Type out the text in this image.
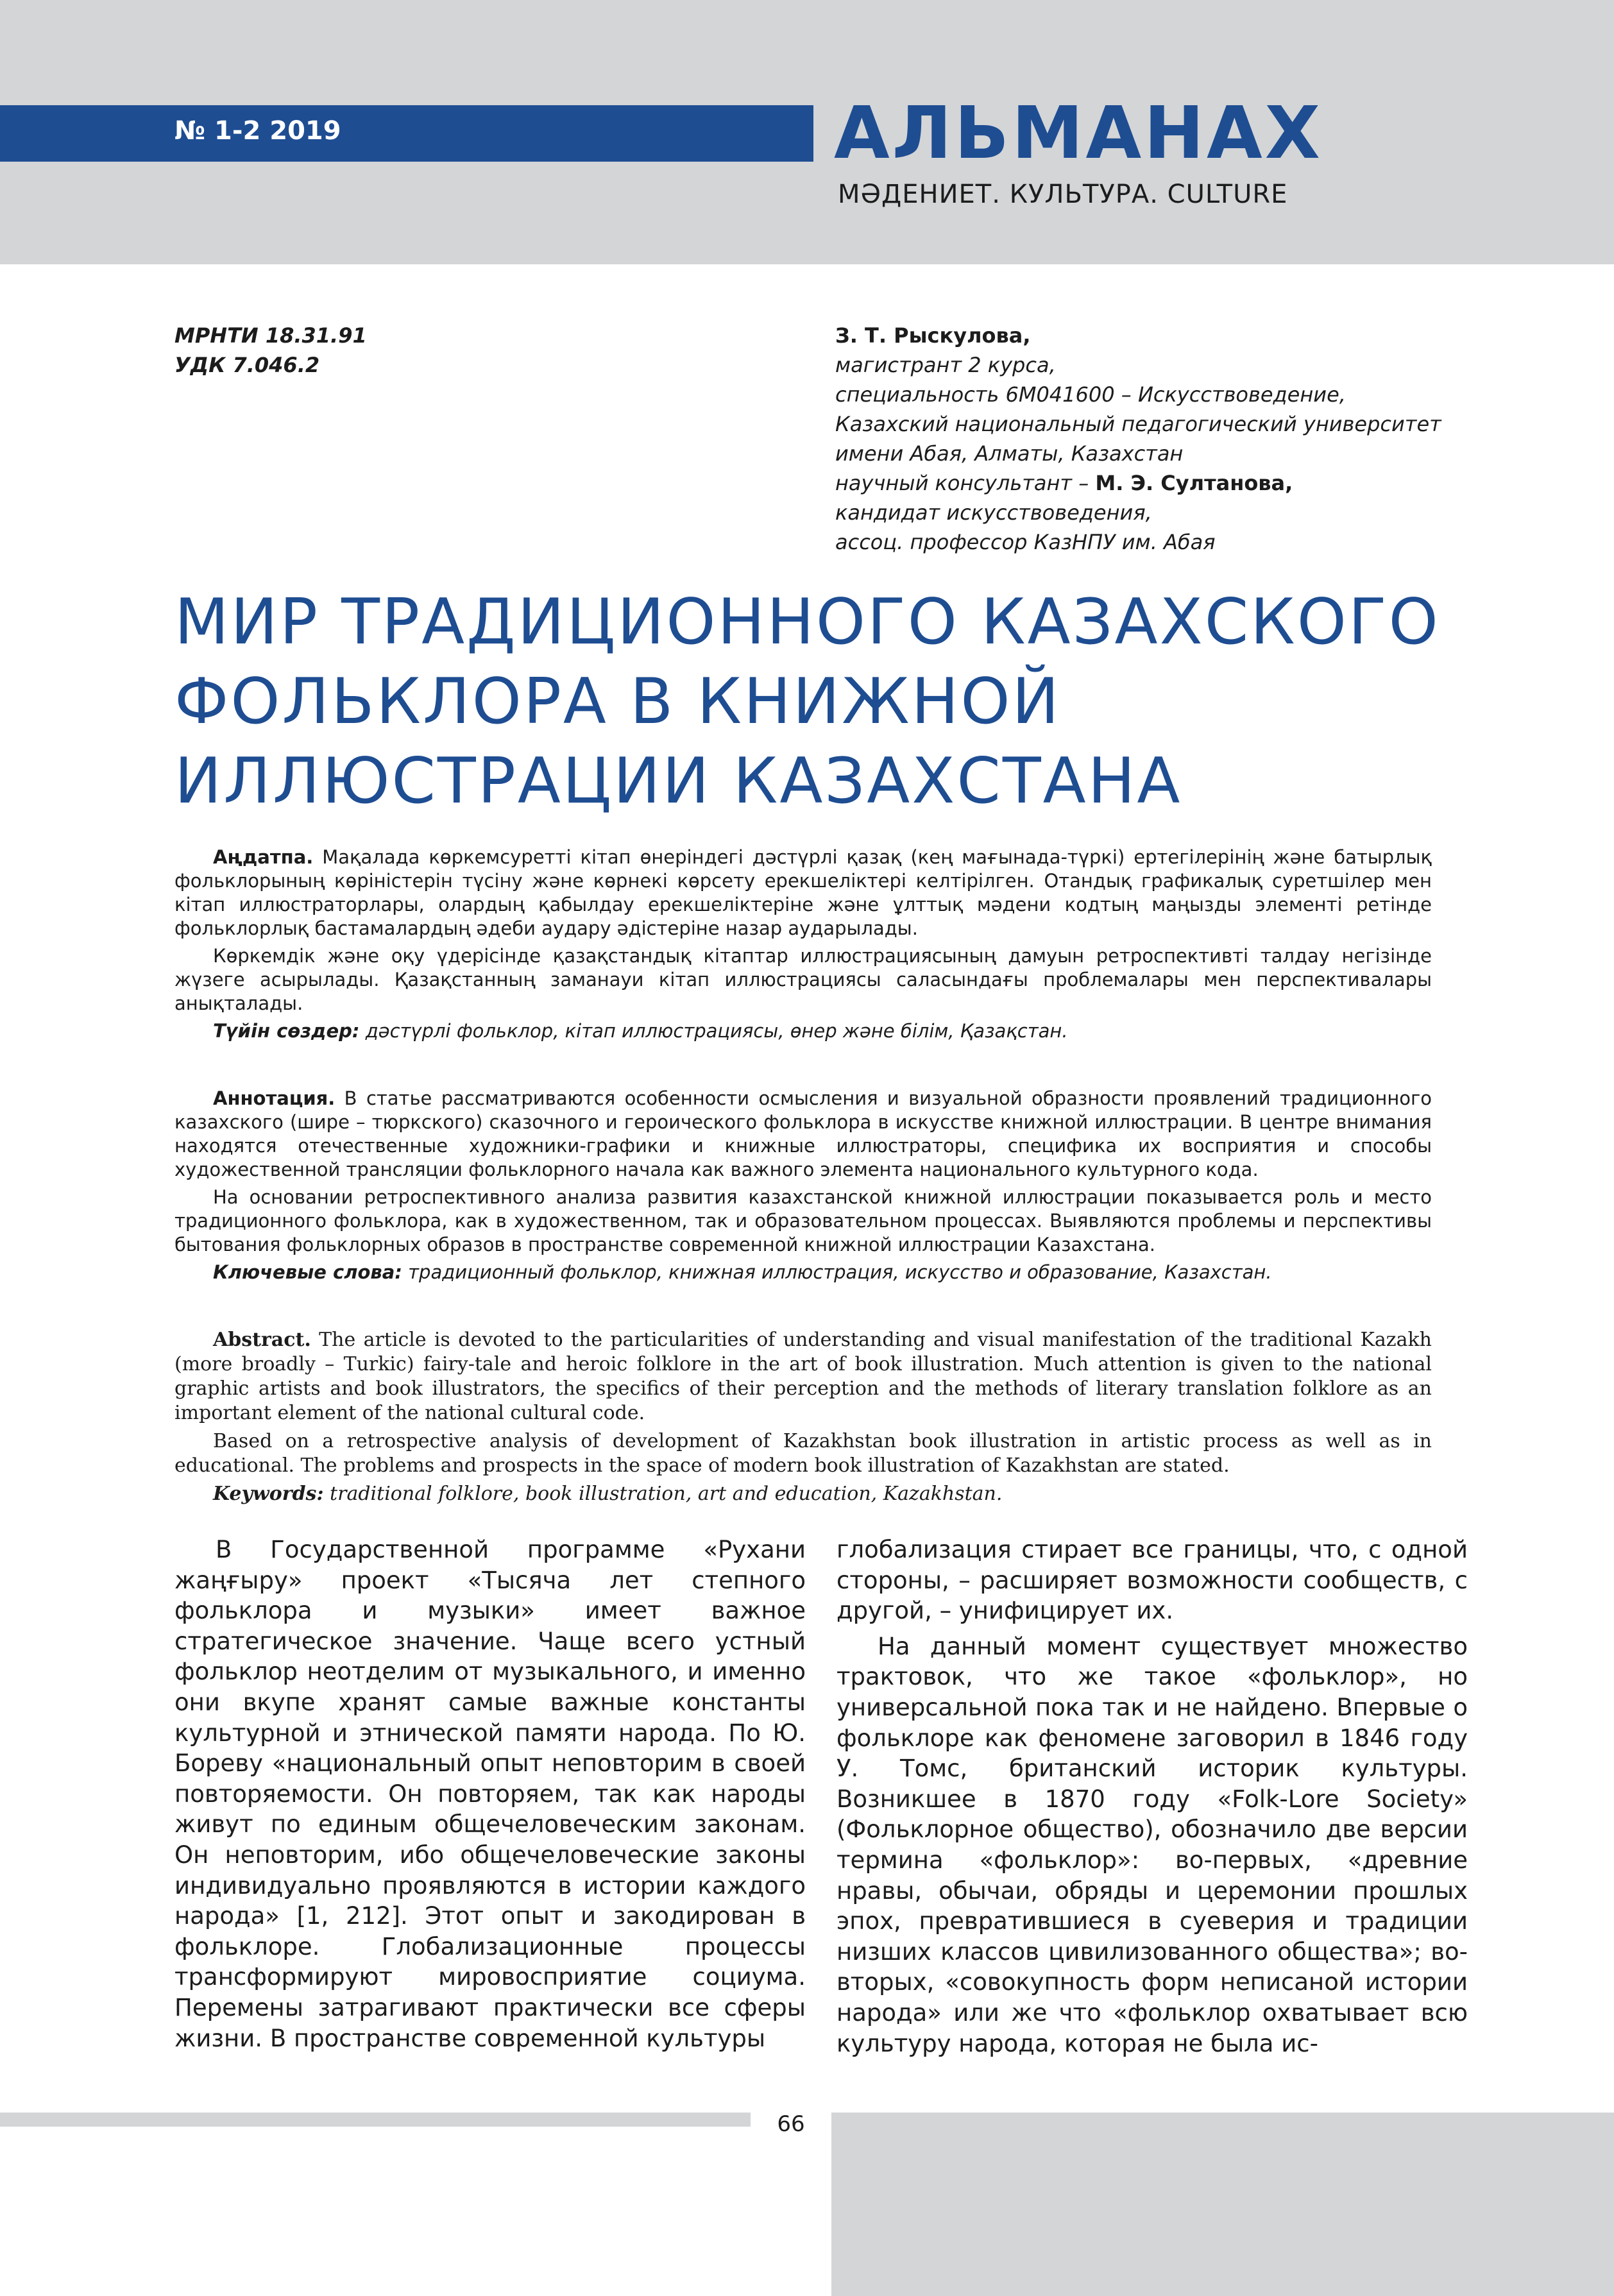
№ 1-2 2019	АЛЬМАНАХ
МӘДЕНИЕТ. КУЛЬТУРА. CULTURE
МРНТИ 18.31.91
УДК 7.046.2
З. Т. Рыскулова,
магистрант 2 курса,
специальность 6М041600 – Искусствоведение,
Казахский национальный педагогический университет
имени Абая, Алматы, Казахстан
научный консультант – М. Э. Султанова,
кандидат искусствоведения,
ассоц. профессор КазНПУ им. Абая
МИР ТРАДИЦИОННОГО КАЗАХСКОГО
ФОЛЬКЛОРА В КНИЖНОЙ
ИЛЛЮСТРАЦИИ КАЗАХСТАНА

Аңдатпа. Мақалада көркемсуретті кітап өнеріндегі дәстүрлі қазақ (кең мағынада-түркі) ертегілерінің және батырлық фольклорының көріністерін түсіну және көрнекі көрсету ерекшеліктері келтірілген. Отандық графикалық суретшілер мен кітап иллюстраторлары, олардың қабылдау ерекшеліктеріне және ұлттық мәдени кодтың маңызды элементі ретінде фольклорлық бастамалардың әдеби аудару әдістеріне назар аударылады.

Көркемдік және оқу үдерісінде қазақстандық кітаптар иллюстрациясының дамуын ретроспективті талдау негізінде жүзеге асырылады. Қазақстанның заманауи кітап иллюстрациясы саласындағы проблемалары мен перспективалары анықталады.

Түйін сөздер: дәстүрлі фольклор, кітап иллюстрациясы, өнер және білім, Қазақстан.

Аннотация. В статье рассматриваются особенности осмысления и визуальной образности проявлений традиционного казахского (шире – тюркского) сказочного и героического фольклора в искусстве книжной иллюстрации. В центре внимания находятся отечественные художники-графики и книжные иллюстраторы, специфика их восприятия и способы художественной трансляции фольклорного начала как важного элемента национального культурного кода.

На основании ретроспективного анализа развития казахстанской книжной иллюстрации показывается роль и место традиционного фольклора, как в художественном, так и образовательном процессах. Выявляются проблемы и перспективы бытования фольклорных образов в пространстве современной книжной иллюстрации Казахстана.

Ключевые слова: традиционный фольклор, книжная иллюстрация, искусство и образование, Казахстан.

Abstract. The article is devoted to the particularities of understanding and visual manifestation of the traditional Kazakh (more broadly – Turkic) fairy-tale and heroic folklore in the art of book illustration. Much attention is given to the national graphic artists and book illustrators, the specifics of their perception and the methods of literary translation folklore as an important element of the national cultural code.

Based on a retrospective analysis of development of Kazakhstan book illustration in artistic process as well as in educational. The problems and prospects in the space of modern book illustration of Kazakhstan are stated.

Keywords: traditional folklore, book illustration, art and education, Kazakhstan.

В Государственной программе «Рухани жаңғыру» проект «Тысяча лет степного фольклора и музыки» имеет важное стратегическое значение. Чаще всего устный фольклор неотделим от музыкального, и именно они вкупе хранят самые важные константы культурной и этнической памяти народа. По Ю. Бореву «национальный опыт неповторим в своей повторяемости. Он повторяем, так как народы живут по единым общечеловеческим законам. Он неповторим, ибо общечеловеческие законы индивидуально проявляются в истории каждого народа» [1, 212]. Этот опыт и закодирован в фольклоре. Глобализационные процессы трансформируют мировосприятие социума. Перемены затрагивают практически все сферы жизни. В пространстве современной культуры

глобализация стирает все границы, что, с одной стороны, – расширяет возможности сообществ, с другой, – унифицирует их.

На данный момент существует множество трактовок, что же такое «фольклор», но универсальной пока так и не найдено. Впервые о фольклоре как феномене заговорил в 1846 году У. Томс, британский историк культуры. Возникшее в 1870 году «Folk-Lore Society» (Фольклорное общество), обозначило две версии термина «фольклор»: во-первых, «древние нравы, обычаи, обряды и церемонии прошлых эпох, превратившиеся в суеверия и традиции низших классов цивилизованного общества»; во-вторых, «совокупность форм неписаной истории народа» или же что «фольклор охватывает всю культуру народа, которая не была ис-

66
